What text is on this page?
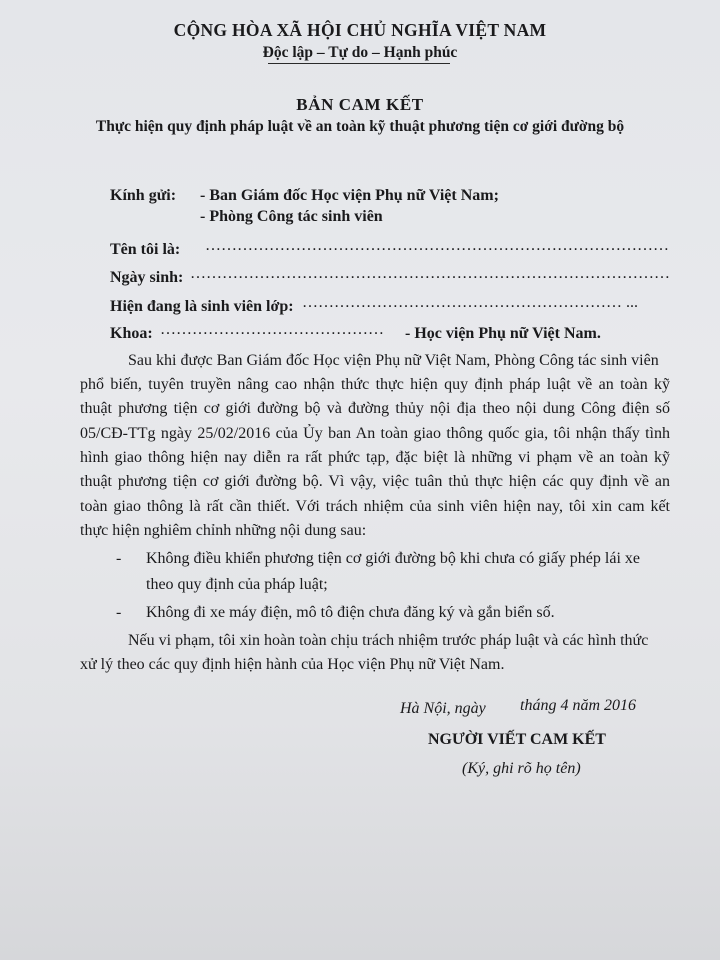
CỘNG HÒA XÃ HỘI CHỦ NGHĨA VIỆT NAM
Độc lập – Tự do – Hạnh phúc
BẢN CAM KẾT
Thực hiện quy định pháp luật về an toàn kỹ thuật phương tiện cơ giới đường bộ
Kính gửi: - Ban Giám đốc Học viện Phụ nữ Việt Nam;
- Phòng Công tác sinh viên
Tên tôi là: ……………………………………………………………………………
Ngày sinh: ………………………………………………………………………………
Hiện đang là sinh viên lớp: …………………………………………………… ...
Khoa: …………………………………… - Học viện Phụ nữ Việt Nam.
Sau khi được Ban Giám đốc Học viện Phụ nữ Việt Nam, Phòng Công tác sinh viên
phổ biến, tuyên truyền nâng cao nhận thức thực hiện quy định pháp luật về an toàn kỹ
thuật phương tiện cơ giới đường bộ và đường thủy nội địa theo nội dung Công điện số
05/CĐ-TTg ngày 25/02/2016 của Ủy ban An toàn giao thông quốc gia, tôi nhận thấy tình
hình giao thông hiện nay diễn ra rất phức tạp, đặc biệt là những vi phạm về an toàn kỹ
thuật phương tiện cơ giới đường bộ. Vì vậy, việc tuân thủ thực hiện các quy định về an
toàn giao thông là rất cần thiết. Với trách nhiệm của sinh viên hiện nay, tôi xin cam kết
thực hiện nghiêm chỉnh những nội dung sau:
- Không điều khiển phương tiện cơ giới đường bộ khi chưa có giấy phép lái xe
theo quy định của pháp luật;
- Không đi xe máy điện, mô tô điện chưa đăng ký và gắn biển số.
Nếu vi phạm, tôi xin hoàn toàn chịu trách nhiệm trước pháp luật và các hình thức
xử lý theo các quy định hiện hành của Học viện Phụ nữ Việt Nam.
Hà Nội, ngày tháng 4 năm 2016
NGƯỜI VIẾT CAM KẾT
(Ký, ghi rõ họ tên)
